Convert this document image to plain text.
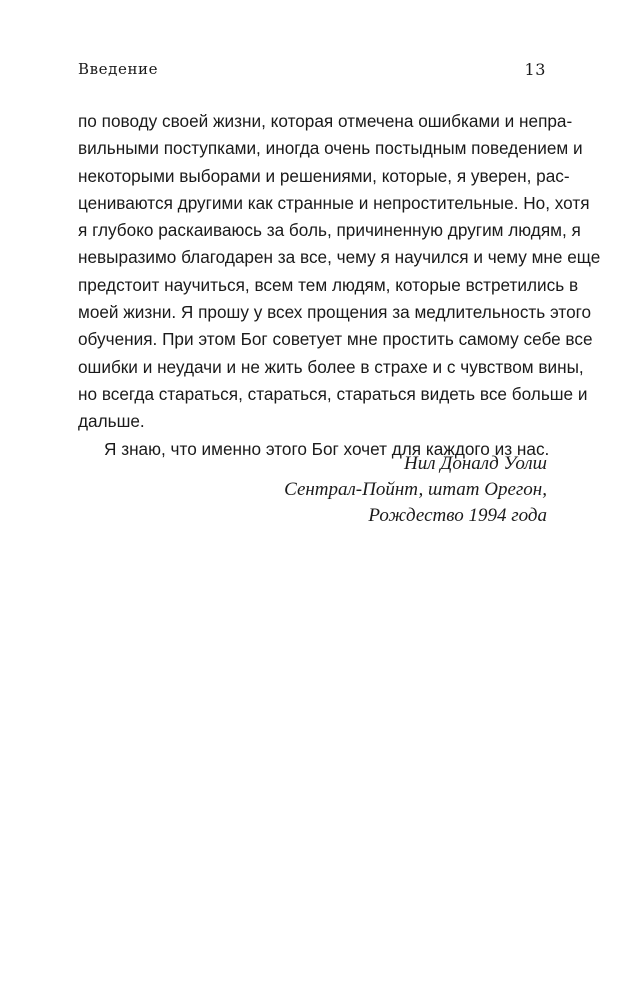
Введение	13
по поводу своей жизни, которая отмечена ошибками и непра-
вильными поступками, иногда очень постыдным поведением и
некоторыми выборами и решениями, которые, я уверен, рас-
цениваются другими как странные и непростительные. Но, хотя
я глубоко раскаиваюсь за боль, причиненную другим людям, я
невыразимо благодарен за все, чему я научился и чему мне еще
предстоит научиться, всем тем людям, которые встретились в
моей жизни. Я прошу у всех прощения за медлительность этого
обучения. При этом Бог советует мне простить самому себе все
ошибки и неудачи и не жить более в страхе и с чувством вины,
но всегда стараться, стараться, стараться видеть все больше и
дальше.
Я знаю, что именно этого Бог хочет для каждого из нас.
Нил Доналд Уолш
Сентрал-Пойнт, штат Орегон,
Рождество 1994 года
